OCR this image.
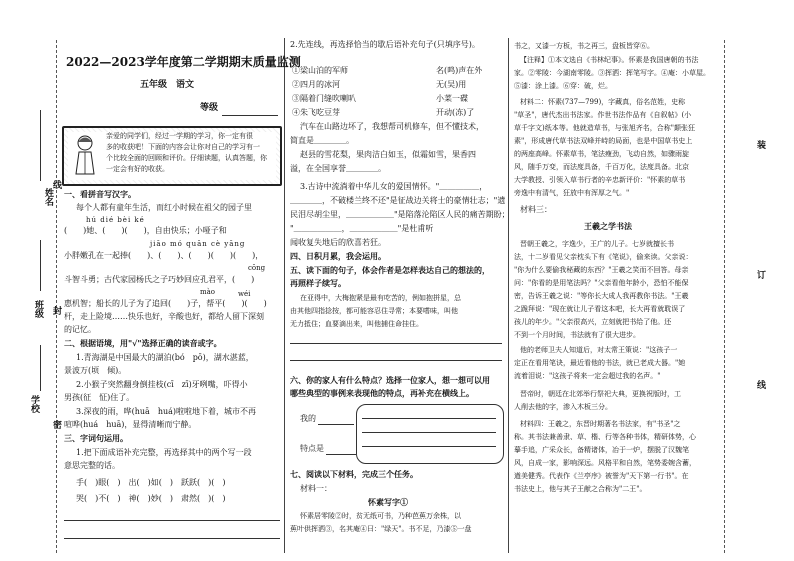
姓名
班级
学校
线
封
密
装
订
线
2022—2023学年度第二学期期末质量监测
五年级　语文
等级
亲爱的同学们，经过一学期的学习，你一定有很
多的收获吧！下面的内容会让你对自己的学习有一
个比较全面的回顾和评价。仔细读题，认真答题，你
一定会有好的收获。
一、看拼音写汉字。
每个人都有童年生活，而红小时候在祖父的园子里
hú dié bèi ké
(　　)她、(　　)(　　)，自由快乐；小哑子和
jiāo mó quān cè yāng
小胖嫩孔在一起捧(　　)、(　　)、(　　)(　　)(　　)，
cōng
斗智斗勇；古代家园杨氏之子巧妙回应孔君平，(　　)
mào
惠机智；船长的儿子为了追回(　　)子，帮平(　　)(　　)
wéi
杆，走上险境……快乐也好，辛酸也好，都给人留下深刻
的记忆。
二、根据语境，用"√"选择正确的读音或字。
1.青海湖是中国最大的湖泊(bó　pō)，湖水湛蓝，
景波万(顷　倾)。
2.小猴子突然翻身倒挂枝(cī　zī)牙咧嘴，吓得小
男孩(征　怔)住了。
3.深夜的雨，哗(huā　huá)啦啦地下着，城市不再
喧哗(huá　huā)，显得清晰而宁静。
三、字词句运用。
1.把下面成语补充完整，再选择其中的两个写一段
意思完整的话。
手(　)眼(　)　出(　)如(　)　跃跃(　)(　)
哭(　)不(　)　神(　)妙(　)　肃然(　)(　)
2.先连线，再选择恰当的歇后语补充句子(只填序号)。
①梁山泊的军师
②四月的冰河
③隔着门缝吹喇叭
④朱飞吃豆芽
名(鸣)声在外
无(吴)用
小菜一碟
开动(冻)了
汽车在山路边坏了，我想帮司机修车，但不懂技术，
简直是＿＿＿＿。
赵县的雪花梨，果肉洁白如玉，似霜如雪，果香四
溢，在全国享誉＿＿＿＿。
3.古诗中流淌着中华儿女的爱国情怀。"＿＿＿＿＿，
＿＿＿＿，不破楼兰终不还"是征战边关将士的豪情壮志；"遗
民泪尽胡尘里，＿＿＿＿＿＿"是陷落沦陷区人民的痛苦期盼；
"＿＿＿＿＿＿，＿＿＿＿＿＿"是杜甫听
闻收复失地后的欣喜若狂。
四、日积月累，我会运用。
五、读下面的句子，体会作者是怎样表达自己的想法的，
再照样子续写。
在亚得中，大梅抱紧是最有吃苦的，例如抱拼星，总
由其他四指捻按，都可能容忍住寻常；本要嗜味，叫他
无力抵住；血要滴出来，叫他捕住命挂住。
六、你的家人有什么特点？选择一位家人，想一想可以用
哪些典型的事例来表现他的特点，再补充在横线上。
我的
特点是
七、阅读以下材料，完成三个任务。
材料一：
怀素写字①
怀素居零陵②时，贫无纸可书，乃种芭蕉万余株，以
蕉叶供挥洒③，名其庵④曰："绿天"。书不足，乃漆⑤一盘
书之，又漆一方板，书之再三，盘板皆穿⑥。
【注释】①本文选自《书林纪事》。怀素是我国唐朝的书法
家。②零陵：今湖南零陵。③挥洒：挥笔写字。④庵：小草屋。
⑤漆：涂上漆。⑥穿：破，烂。
材料二：怀素(737—799)，字藏真，俗名范姓，史称
"草圣"，唐代杰出书法家。作世书法作品有《自叙帖》(小
草千字文)纸本等。他就造草书，与张旭齐名，合称"颠张狂
素"，形成唐代草书法双峰并峙的局面，也是中国草书史上
的两座高峰。怀素草书，笔法瘦劲，飞动自然，如骤雨旋
风，随手万变，而法度具备，千百万化，法度具备。北京
大学教授、引领入草书行者的辛忠新评价："怀素的草书
旁逸中有清气，狂放中有浑厚之气。"
材料三：
王羲之学书法
晋朝王羲之，字逸少，王广的儿子。七岁就擅长书
法，十二岁看见父亲枕头下有《笔说》，偷来读。父亲说：
"你为什么要偷我秘藏的东西？"王羲之笑而不回答。母亲
问："你看的是用笔法吗？"父亲看他年龄小，恐怕不能保
密，告诉王羲之说："等你长大成人我再教你书法。"王羲
之跪拜说："现在就让儿子看这本吧，长大再看就耽误了
孩儿的年少。"父亲很高兴，立刻就把书给了他。还
不到一个月时间，书法就有了很大进步。
他的老师卫夫人知道后，对太常王策说："这孩子一
定正在看用笔诀，最近看他的书法，就已老成大器。"她
流着泪说："这孩子将来一定会超过我的名声。"
晋帝时，朝廷在北郊举行祭祀大典，更换祝版时，工
人削去他的字，渗入木板三分。
材料四：王羲之，东晋时期著名书法家，有"书圣"之
称。其书法兼善隶、草、楷、行等各种书体，精研体势，心
摹手追，广采众长，备精诸体，冶于一炉，摆脱了汉魏笔
风，自成一家，影响深远。风格平和自然，笔势委婉含蓄，
遒美健秀。代表作《兰亭序》被誉为"天下第一行书"。在
书法史上，他与其子王献之合称为"二王"。
